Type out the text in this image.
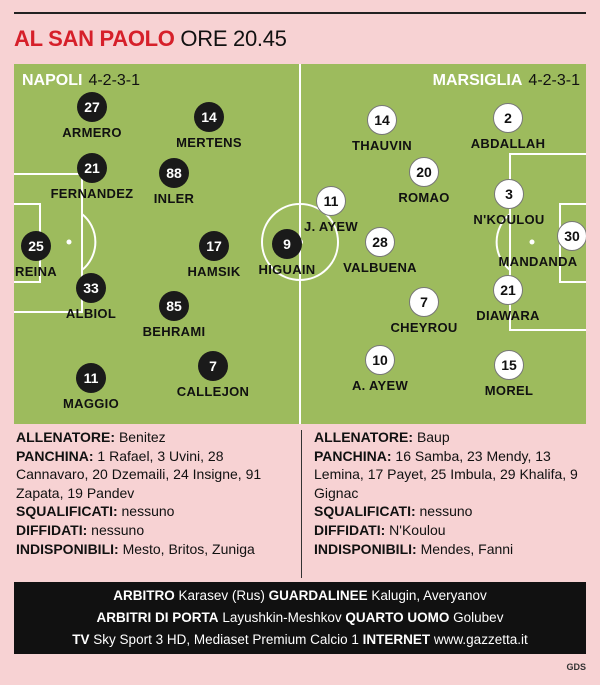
AL SAN PAOLO ORE 20.45
NAPOLI 4-2-3-1	MARSIGLIA 4-2-3-1
27
ARMERO
14
MERTENS
21
FERNANDEZ
88
INLER
25
REINA
17
HAMSIK
9
HIGUAIN
33
ALBIOL	85
BEHRAMI
11
MAGGIO
7
CALLEJON
14
THAUVIN
2
ABDALLAH
20
ROMAO
11
J. AYEW
3
N'KOULOU
28
VALBUENA
30
MANDANDA
21
DIAWARA
7
CHEYROU
10
A. AYEW
15
MOREL

ALLENATORE: Benitez

PANCHINA: 1 Rafael, 3 Uvini, 28 Cannavaro, 20 Dzemaili, 24 Insigne, 91 Zapata, 19 Pandev

SQUALIFICATI: nessuno

DIFFIDATI: nessuno

INDISPONIBILI: Mesto, Britos, Zuniga

ALLENATORE: Baup

PANCHINA: 16 Samba, 23 Mendy, 13 Lemina, 17 Payet, 25 Imbula, 29 Khalifa, 9 Gignac

SQUALIFICATI: nessuno

DIFFIDATI: N'Koulou

INDISPONIBILI: Mendes, Fanni

ARBITRO Karasev (Rus) GUARDALINEE Kalugin, Averyanov

ARBITRI DI PORTA Layushkin-Meshkov QUARTO UOMO Golubev

TV Sky Sport 3 HD, Mediaset Premium Calcio 1 INTERNET www.gazzetta.it

GDS
